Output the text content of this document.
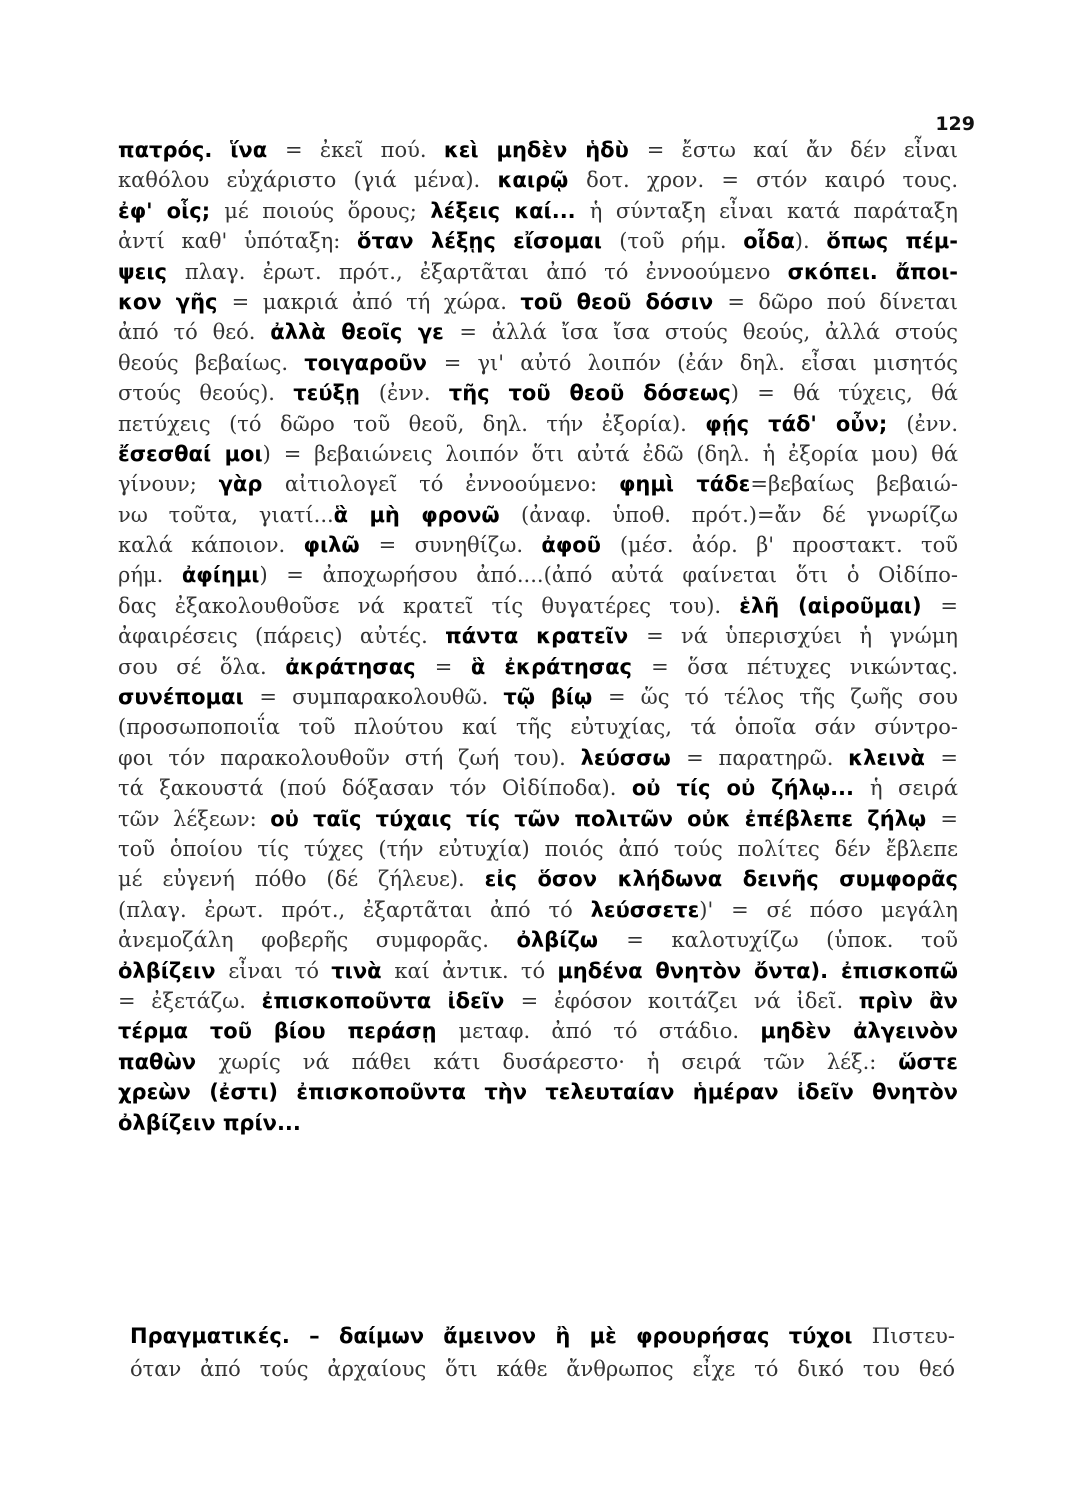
129
πατρός. ἵνα = ἐκεῖ πού. κεὶ μηδὲν ἡδὺ = ἔστω καί ἄν δέν εἶναι
καθόλου εὐχάριστο (γιά μένα). καιρῷ δοτ. χρον. = στόν καιρό τους.
ἐφ' οἷς; μέ ποιούς ὅρους; λέξεις καί... ἡ σύνταξη εἶναι κατά παράταξη
ἀντί καθ' ὑπόταξη: ὅταν λέξῃς εἴσομαι (τοῦ ρήμ. οἶδα). ὅπως πέμ-
ψεις πλαγ. ἐρωτ. πρότ., ἐξαρτᾶται ἀπό τό ἐννοούμενο σκόπει. ἄποι-
κον γῆς = μακριά ἀπό τή χώρα. τοῦ θεοῦ δόσιν = δῶρο πού δίνεται
ἀπό τό θεό. ἀλλὰ θεοῖς γε = ἀλλά ἴσα ἴσα στούς θεούς, ἀλλά στούς
θεούς βεβαίως. τοιγαροῦν = γι' αὐτό λοιπόν (ἐάν δηλ. εἶσαι μισητός
στούς θεούς). τεύξῃ (ἐνν. τῆς τοῦ θεοῦ δόσεως) = θά τύχεις, θά
πετύχεις (τό δῶρο τοῦ θεοῦ, δηλ. τήν ἐξορία). φῄς τάδ' οὖν; (ἐνν.
ἔσεσθαί μοι) = βεβαιώνεις λοιπόν ὅτι αὐτά ἐδῶ (δηλ. ἡ ἐξορία μου) θά
γίνουν; γὰρ αἰτιολογεῖ τό ἐννοούμενο: φημὶ τάδε=βεβαίως βεβαιώ-
νω τοῦτα, γιατί...ἃ μὴ φρονῶ (ἀναφ. ὑποθ. πρότ.)=ἄν δέ γνωρίζω
καλά κάποιον. φιλῶ = συνηθίζω. ἀφοῦ (μέσ. ἀόρ. β' προστακτ. τοῦ
ρήμ. ἀφίημι) = ἀποχωρήσου ἀπό....(ἀπό αὐτά φαίνεται ὅτι ὁ Οἰδίπο-
δας ἐξακολουθοῦσε νά κρατεῖ τίς θυγατέρες του). ἑλῆ (αἱροῦμαι) =
ἀφαιρέσεις (πάρεις) αὐτές. πάντα κρατεῖν = νά ὑπερισχύει ἡ γνώμη
σου σέ ὅλα. ἀκράτησας = ἃ ἐκράτησας = ὅσα πέτυχες νικώντας.
συνέπομαι = συμπαρακολουθῶ. τῷ βίῳ = ὥς τό τέλος τῆς ζωῆς σου
(προσωποποιΐα τοῦ πλούτου καί τῆς εὐτυχίας, τά ὁποῖα σάν σύντρο-
φοι τόν παρακολουθοῦν στή ζωή του). λεύσσω = παρατηρῶ. κλεινὰ =
τά ξακουστά (πού δόξασαν τόν Οἰδίποδα). οὐ τίς οὐ ζήλῳ... ἡ σειρά
τῶν λέξεων: οὐ ταῖς τύχαις τίς τῶν πολιτῶν οὐκ ἐπέβλεπε ζήλῳ =
τοῦ ὁποίου τίς τύχες (τήν εὐτυχία) ποιός ἀπό τούς πολίτες δέν ἔβλεπε
μέ εὐγενή πόθο (δέ ζήλευε). εἰς ὅσον κλήδωνα δεινῆς συμφορᾶς
(πλαγ. ἐρωτ. πρότ., ἐξαρτᾶται ἀπό τό λεύσσετε)' = σέ πόσο μεγάλη
ἀνεμοζάλη φοβερῆς συμφορᾶς. ὀλβίζω = καλοτυχίζω (ὑποκ. τοῦ
ὀλβίζειν εἶναι τό τινὰ καί ἀντικ. τό μηδένα θνητὸν ὄντα). ἐπισκοπῶ
= ἐξετάζω. ἐπισκοποῦντα ἰδεῖν = ἐφόσον κοιτάζει νά ἰδεῖ. πρὶν ἂν
τέρμα τοῦ βίου περάσῃ μεταφ. ἀπό τό στάδιο. μηδὲν ἀλγεινὸν
παθὼν χωρίς νά πάθει κάτι δυσάρεστο· ἡ σειρά τῶν λέξ.: ὥστε
χρεὼν (ἐστι) ἐπισκοποῦντα τὴν τελευταίαν ἡμέραν ἰδεῖν θνητὸν
ὀλβίζειν πρίν...
Πραγματικές. – δαίμων ἄμεινον ἢ μὲ φρουρήσας τύχοι Πιστευ-
όταν ἀπό τούς ἀρχαίους ὅτι κάθε ἄνθρωπος εἶχε τό δικό του θεό
